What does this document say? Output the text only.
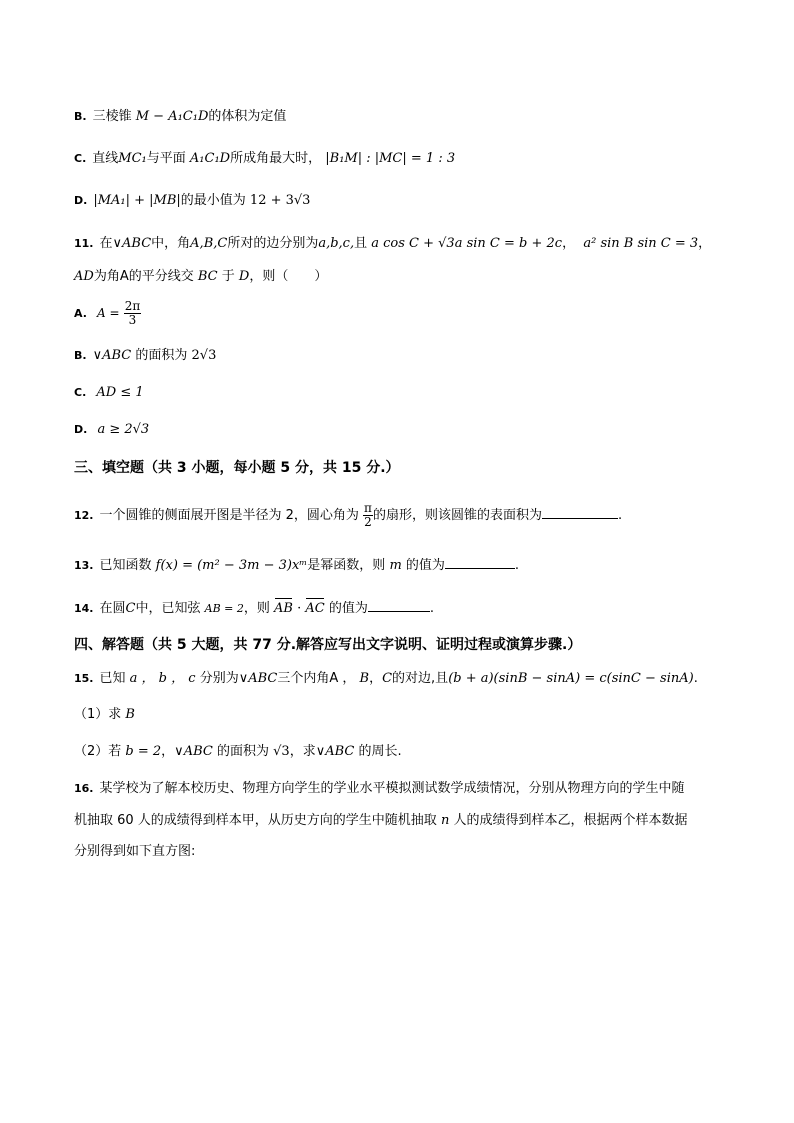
B. 三棱锥 M − A₁C₁D的体积为定值
C. 直线MC₁与平面 A₁C₁D所成角最大时， |B₁M| : |MC| = 1 : 3
D. |MA₁| + |MB|的最小值为 12 + 3√3
11. 在∨ABC中，角A,B,C所对的边分别为a,b,c,且 a cos C + √3a sin C = b + 2c， a² sin B sin C = 3，
AD为角A的平分线交 BC 于 D，则（　　）
A. $A = \frac{2\pi}{3}$
B. ∨ABC 的面积为 2√3
C. AD ≤ 1
D. a ≥ 2√3
三、填空题（共 3 小题，每小题 5 分，共 15 分.）
12. 一个圆锥的侧面展开图是半径为 2，圆心角为 $\frac{\pi}{2}$ 的扇形，则该圆锥的表面积为	.
13. 已知函数 f(x) = (m² − 3m − 3)xᵐ是幂函数，则 m 的值为	.
14. 在圆C中，已知弦 AB = 2，则 AB · AC 的值为	.
四、解答题（共 5 大题，共 77 分.解答应写出文字说明、证明过程或演算步骤.）
15. 已知 a ， b ， c 分别为∨ABC三个内角A ， B，C的对边,且(b + a)(sinB − sinA) = c(sinC − sinA).
（1）求 B
（2）若 b = 2，∨ABC 的面积为 √3，求∨ABC 的周长.
16. 某学校为了解本校历史、物理方向学生的学业水平模拟测试数学成绩情况，分别从物理方向的学生中随
机抽取 60 人的成绩得到样本甲，从历史方向的学生中随机抽取 n 人的成绩得到样本乙，根据两个样本数据
分别得到如下直方图:
